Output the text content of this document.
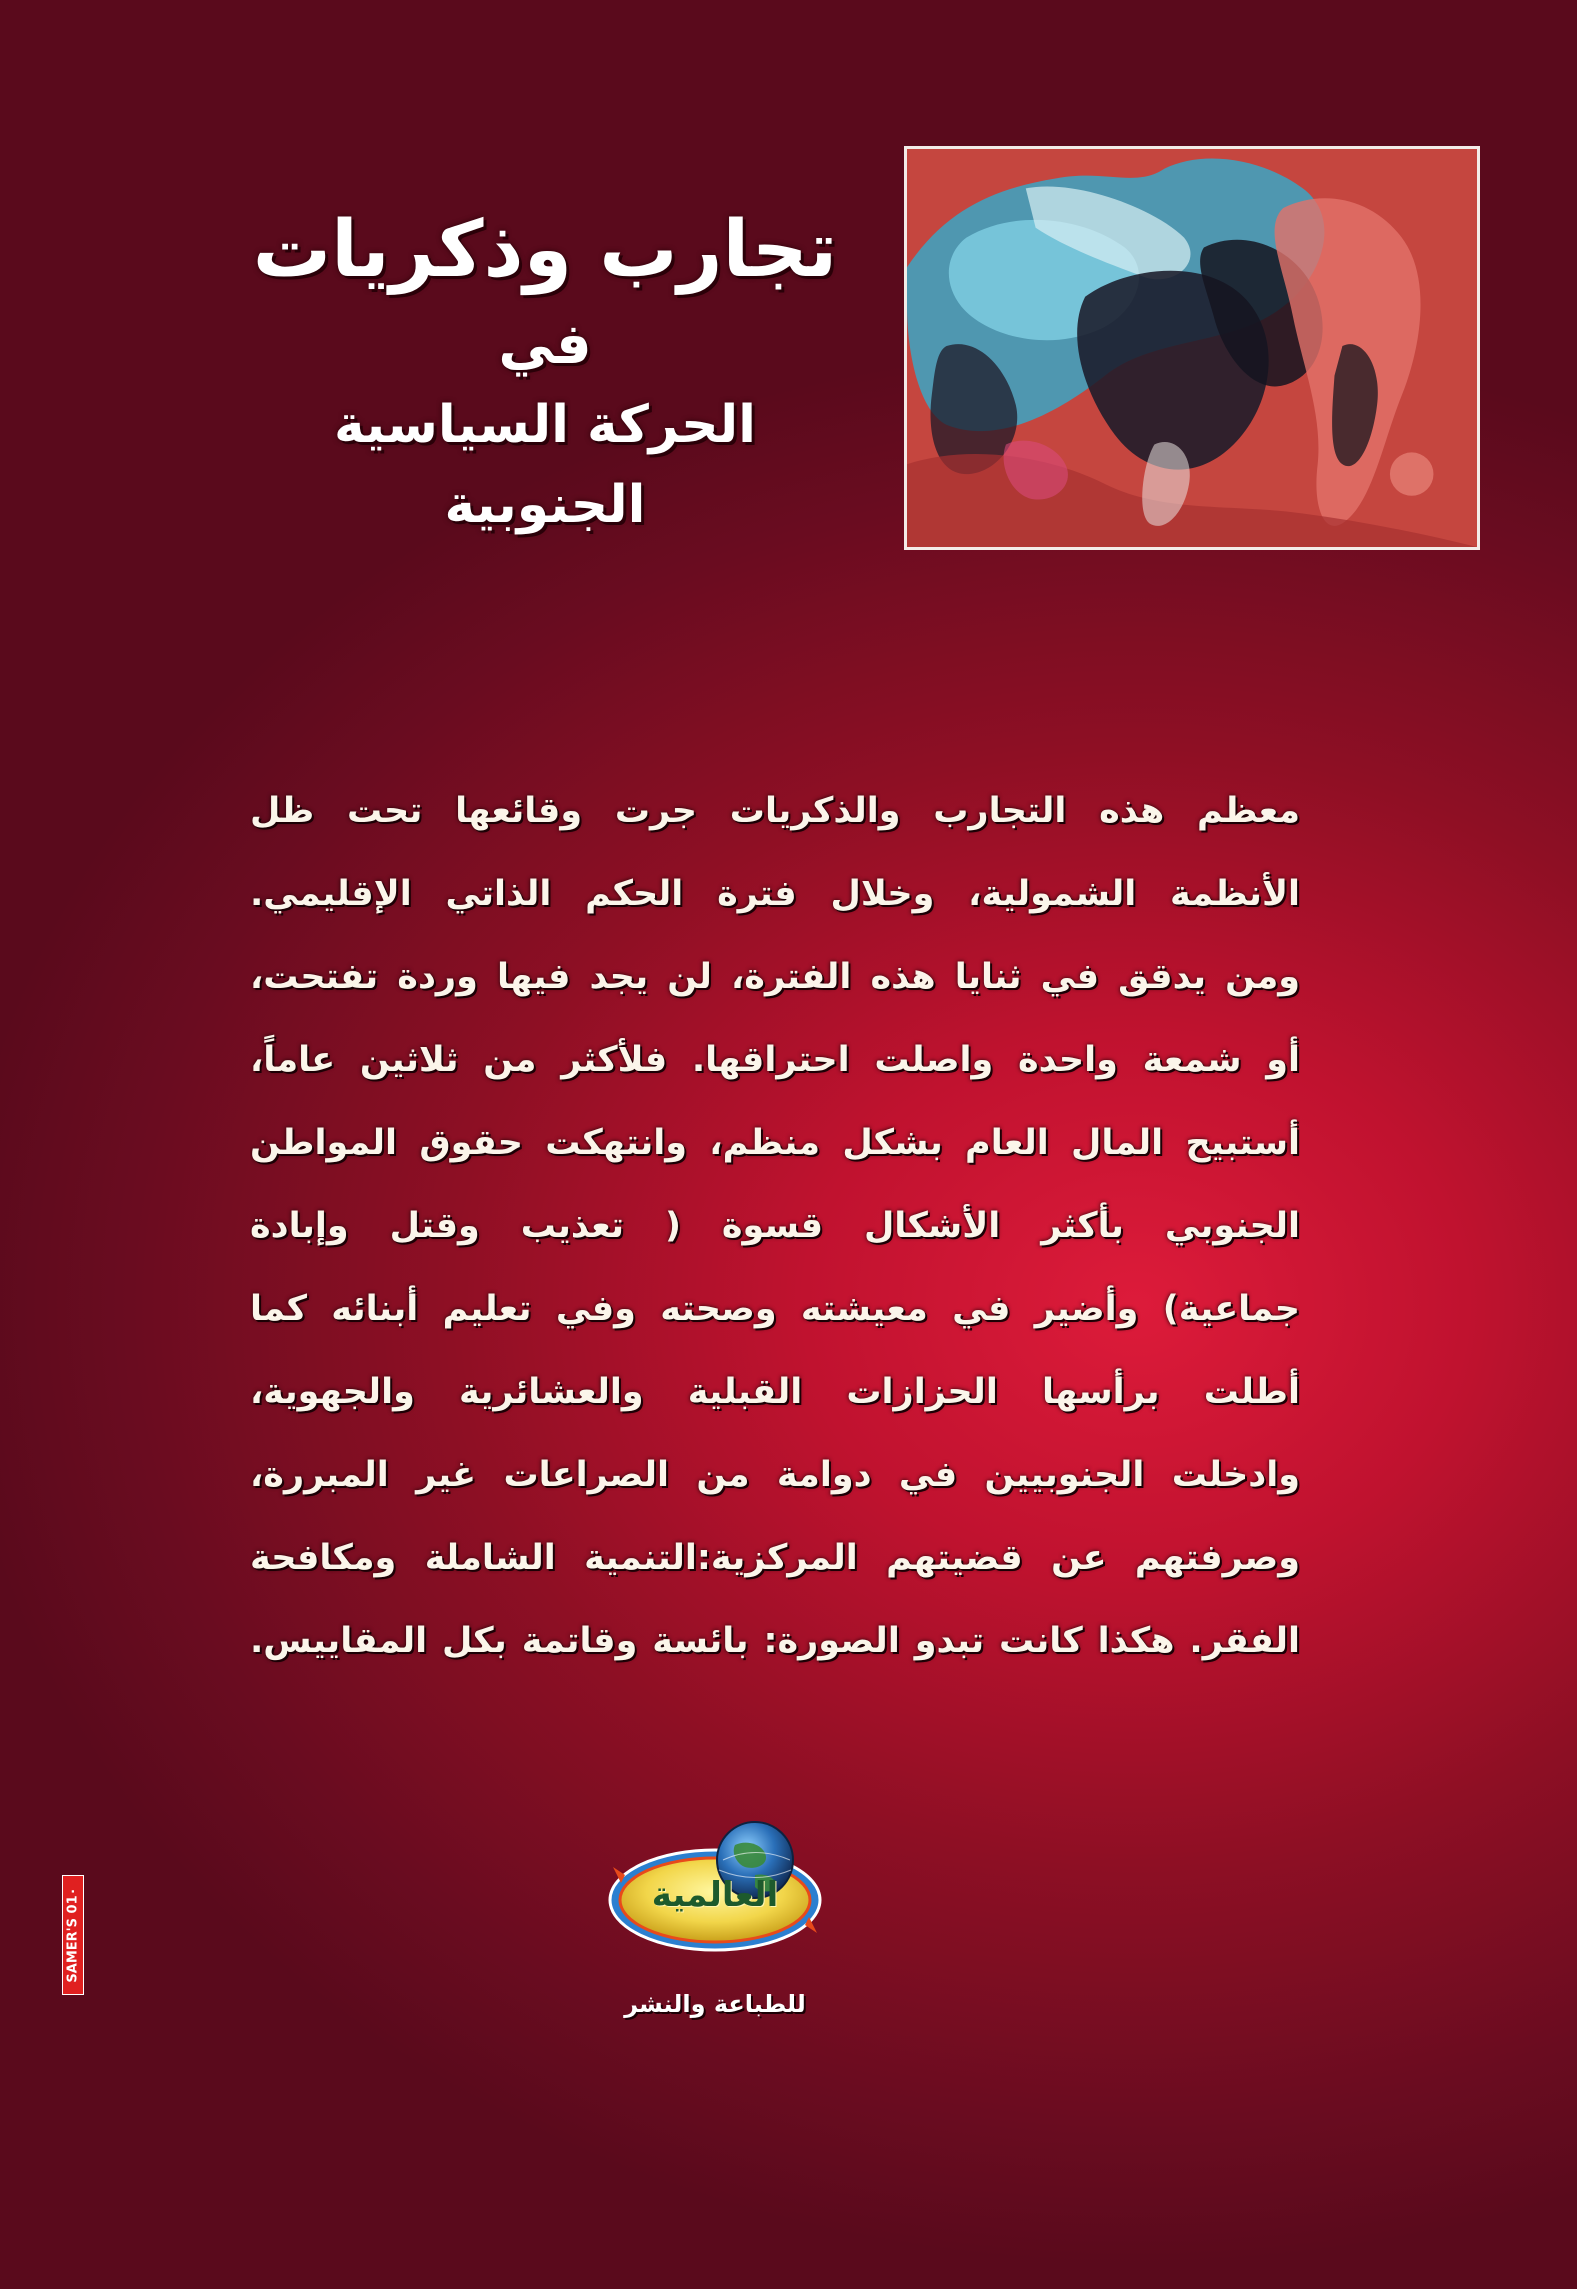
تجارب وذكريات

في

الحركة السياسية الجنوبية

معظم هذه التجارب والذكريات جرت وقائعها تحت ظل
الأنظمة الشمولية، وخلال فترة الحكم الذاتي الإقليمي.
ومن يدقق في ثنايا هذه الفترة، لن يجد فيها وردة تفتحت،
أو شمعة واحدة واصلت احتراقها. فلأكثر من ثلاثين عاماً،
أستبيح المال العام بشكل منظم، وانتهكت حقوق المواطن
الجنوبي بأكثر الأشكال قسوة ( تعذيب وقتل وإبادة
جماعية) وأضير في معيشته وصحته وفي تعليم أبنائه كما
أطلت برأسها الحزازات القبلية والعشائرية والجهوية،
وادخلت الجنوبيين في دوامة من الصراعات غير المبررة،
وصرفتهم عن قضيتهم المركزية:التنمية الشاملة ومكافحة
الفقر. هكذا كانت تبدو الصورة: بائسة وقاتمة بكل المقاييس.
العالمية
للطباعة والنشر
SAMER'S 01٠
